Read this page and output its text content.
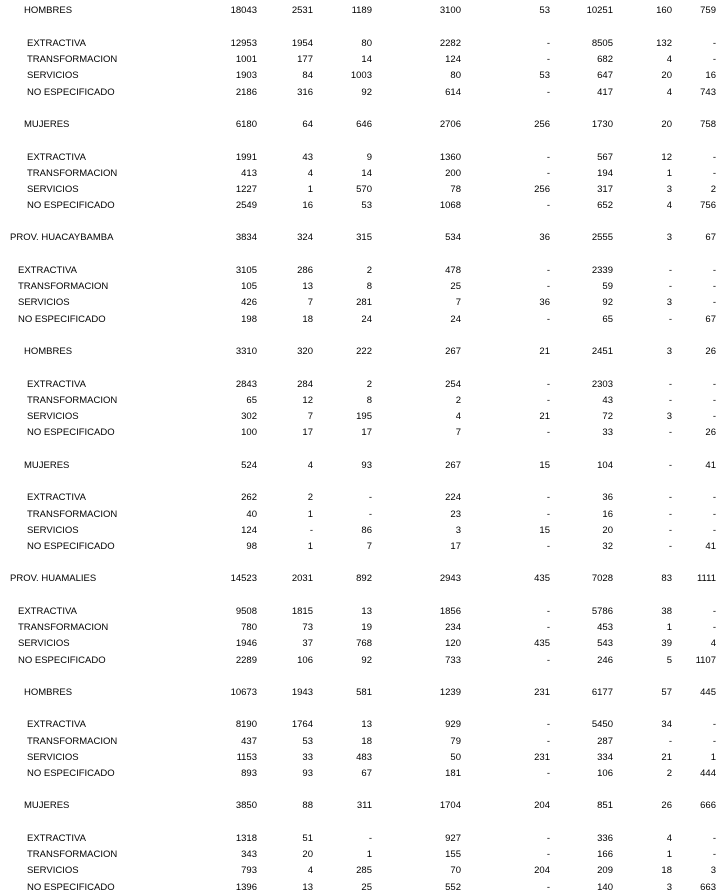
HOMBRES	18043	2531	1189	3100	53	10251	160	759
EXTRACTIVA	12953	1954	80	2282	-	8505	132	-
TRANSFORMACION	1001	177	14	124	-	682	4	-
SERVICIOS	1903	84	1003	80	53	647	20	16
NO ESPECIFICADO	2186	316	92	614	-	417	4	743
MUJERES	6180	64	646	2706	256	1730	20	758
EXTRACTIVA	1991	43	9	1360	-	567	12	-
TRANSFORMACION	413	4	14	200	-	194	1	-
SERVICIOS	1227	1	570	78	256	317	3	2
NO ESPECIFICADO	2549	16	53	1068	-	652	4	756
PROV. HUACAYBAMBA	3834	324	315	534	36	2555	3	67
EXTRACTIVA	3105	286	2	478	-	2339	-	-
TRANSFORMACION	105	13	8	25	-	59	-	-
SERVICIOS	426	7	281	7	36	92	3	-
NO ESPECIFICADO	198	18	24	24	-	65	-	67
HOMBRES	3310	320	222	267	21	2451	3	26
EXTRACTIVA	2843	284	2	254	-	2303	-	-
TRANSFORMACION	65	12	8	2	-	43	-	-
SERVICIOS	302	7	195	4	21	72	3	-
NO ESPECIFICADO	100	17	17	7	-	33	-	26
MUJERES	524	4	93	267	15	104	-	41
EXTRACTIVA	262	2	-	224	-	36	-	-
TRANSFORMACION	40	1	-	23	-	16	-	-
SERVICIOS	124	-	86	3	15	20	-	-
NO ESPECIFICADO	98	1	7	17	-	32	-	41
PROV. HUAMALIES	14523	2031	892	2943	435	7028	83	1111
EXTRACTIVA	9508	1815	13	1856	-	5786	38	-
TRANSFORMACION	780	73	19	234	-	453	1	-
SERVICIOS	1946	37	768	120	435	543	39	4
NO ESPECIFICADO	2289	106	92	733	-	246	5 1107
HOMBRES	10673	1943	581	1239	231	6177	57	445
EXTRACTIVA	8190	1764	13	929	-	5450	34	-
TRANSFORMACION	437	53	18	79	-	287	-	-
SERVICIOS	1153	33	483	50	231	334	21	1
NO ESPECIFICADO	893	93	67	181	-	106	2	444
MUJERES	3850	88	311	1704	204	851	26	666
EXTRACTIVA	1318	51	-	927	-	336	4	-
TRANSFORMACION	343	20	1	155	-	166	1	-
SERVICIOS	793	4	285	70	204	209	18	3
NO ESPECIFICADO	1396	13	25	552	-	140	3	663
